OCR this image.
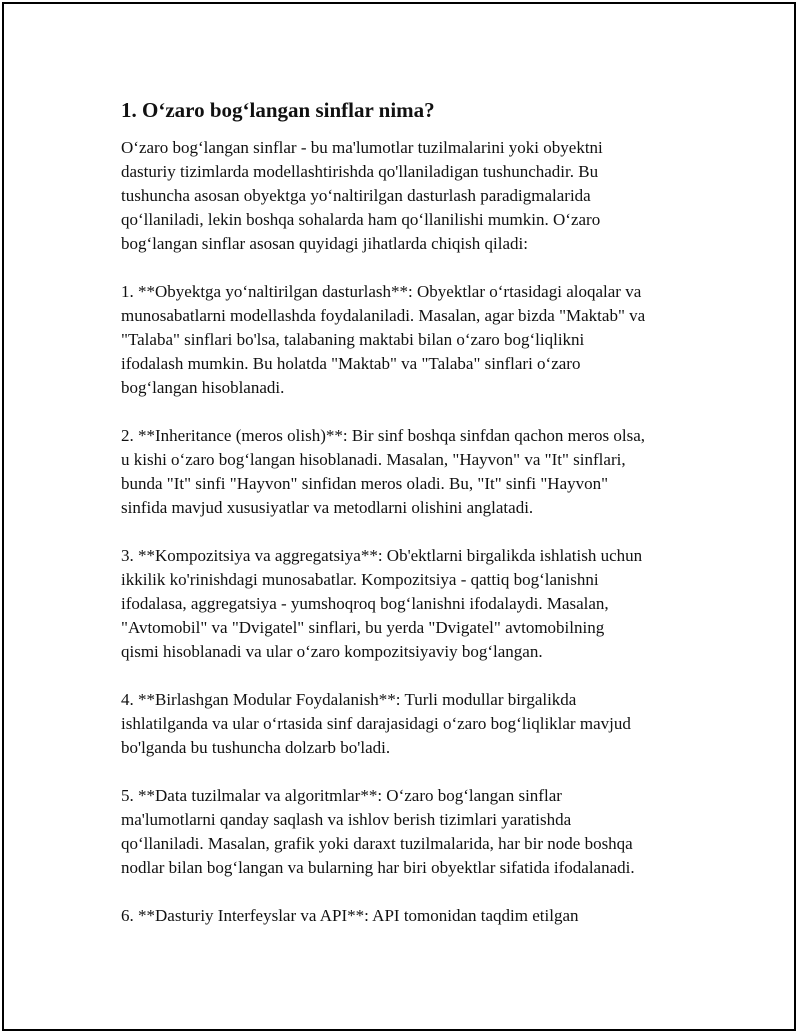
1. O‘zaro bog‘langan sinflar nima?

O‘zaro bog‘langan sinflar - bu ma'lumotlar tuzilmalarini yoki obyektni
dasturiy tizimlarda modellashtirishda qo'llaniladigan tushunchadir. Bu
tushuncha asosan obyektga yo‘naltirilgan dasturlash paradigmalarida
qo‘llaniladi, lekin boshqa sohalarda ham qo‘llanilishi mumkin. O‘zaro
bog‘langan sinflar asosan quyidagi jihatlarda chiqish qiladi:

1. **Obyektga yo‘naltirilgan dasturlash**: Obyektlar o‘rtasidagi aloqalar va
munosabatlarni modellashda foydalaniladi. Masalan, agar bizda "Maktab" va
"Talaba" sinflari bo'lsa, talabaning maktabi bilan o‘zaro bog‘liqlikni
ifodalash mumkin. Bu holatda "Maktab" va "Talaba" sinflari o‘zaro
bog‘langan hisoblanadi.

2. **Inheritance (meros olish)**: Bir sinf boshqa sinfdan qachon meros olsa,
u kishi o‘zaro bog‘langan hisoblanadi. Masalan, "Hayvon" va "It" sinflari,
bunda "It" sinfi "Hayvon" sinfidan meros oladi. Bu, "It" sinfi "Hayvon"
sinfida mavjud xususiyatlar va metodlarni olishini anglatadi.

3. **Kompozitsiya va aggregatsiya**: Ob'ektlarni birgalikda ishlatish uchun
ikkilik ko'rinishdagi munosabatlar. Kompozitsiya - qattiq bog‘lanishni
ifodalasa, aggregatsiya - yumshoqroq bog‘lanishni ifodalaydi. Masalan,
"Avtomobil" va "Dvigatel" sinflari, bu yerda "Dvigatel" avtomobilning
qismi hisoblanadi va ular o‘zaro kompozitsiyaviy bog‘langan.

4. **Birlashgan Modular Foydalanish**: Turli modullar birgalikda
ishlatilganda va ular o‘rtasida sinf darajasidagi o‘zaro bog‘liqliklar mavjud
bo'lganda bu tushuncha dolzarb bo'ladi.

5. **Data tuzilmalar va algoritmlar**: O‘zaro bog‘langan sinflar
ma'lumotlarni qanday saqlash va ishlov berish tizimlari yaratishda
qo‘llaniladi. Masalan, grafik yoki daraxt tuzilmalarida, har bir node boshqa
nodlar bilan bog‘langan va bularning har biri obyektlar sifatida ifodalanadi.

6. **Dasturiy Interfeyslar va API**: API tomonidan taqdim etilgan
